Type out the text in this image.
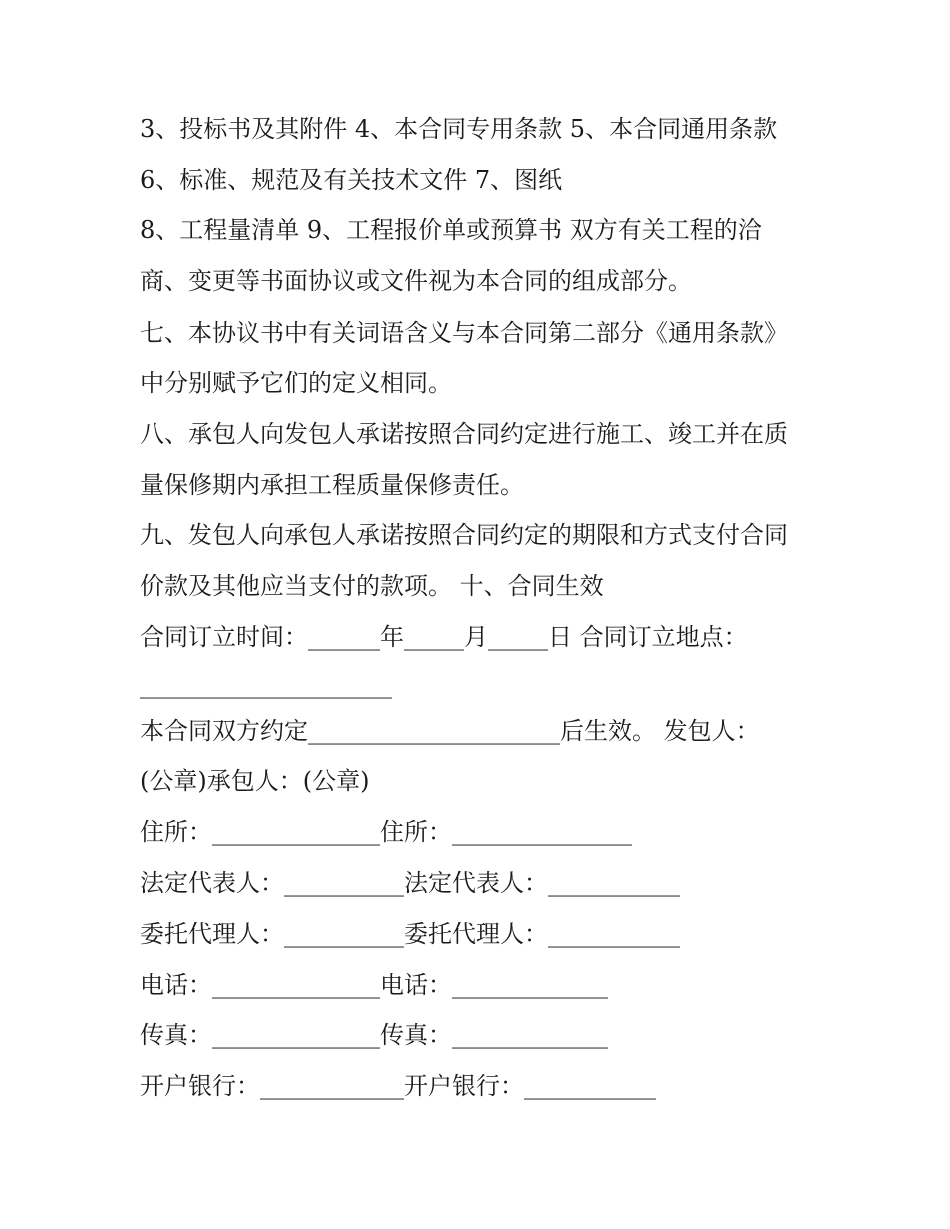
3、投标书及其附件 4、本合同专用条款 5、本合同通用条款
6、标准、规范及有关技术文件 7、图纸
8、工程量清单 9、工程报价单或预算书 双方有关工程的洽
商、变更等书面协议或文件视为本合同的组成部分。
七、本协议书中有关词语含义与本合同第二部分《通用条款》
中分别赋予它们的定义相同。
八、承包人向发包人承诺按照合同约定进行施工、竣工并在质
量保修期内承担工程质量保修责任。
九、发包人向承包人承诺按照合同约定的期限和方式支付合同
价款及其他应当支付的款项。 十、合同生效
合同订立时间：______年_____月_____日 合同订立地点：
_____________________
本合同双方约定_____________________后生效。 发包人：
(公章)承包人：(公章)
住所：______________住所：_______________
法定代表人：__________法定代表人：___________
委托代理人：__________委托代理人：___________
电话：______________电话：_____________
传真：______________传真：_____________
开户银行：____________开户银行：___________
